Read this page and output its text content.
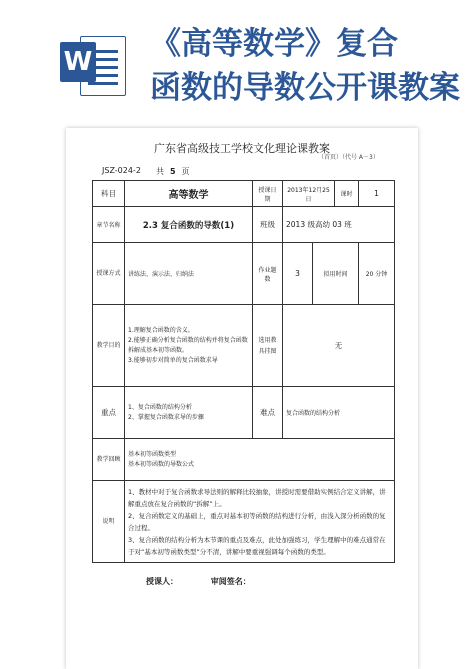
W 《高等数学》复合
函数的导数公开课教案
广东省高级技工学校文化理论课教案
（首页）（代号 A－3）
JSZ-024-2 共 5 页
科目	高等数学	授课日期	2013年12月25日		课时	1
章节名称	2.3 复合函数的导数(1)	班级	2013 级高幼 03 班			
授课方式	讲练法、演示法、归纳法	作业题数	3	拟用时间		20 分钟
教学目的	1.理解复合函数的含义。
2.能够正确分析复合函数的结构并将复合函数拆解成基本初等函数。
3.能够初步对简单的复合函数求导	选用教具挂图	无			
重点	1、复合函数的结构分析
2、掌握复合函数求导的步骤	难点	复合函数的结构分析			
教学回顾	基本初等函数类型
基本初等函数的导数公式					

说明	1、教材中对于复合函数求导法则的解释比较抽象，讲授时需要借助实例结合定义讲解，讲解重点放在复合函数的“拆解”上。
2、复合函数定义的基础上，重点对基本初等函数的结构进行分析，由浅入深分析函数的复合过程。
3、复合函数的结构分析为本节课的重点及难点，此处加强练习，学生理解中的难点通常在于对“基本初等函数类型”分不清，讲解中要重视强调每个函数的类型。					
授课人：	审阅签名：
